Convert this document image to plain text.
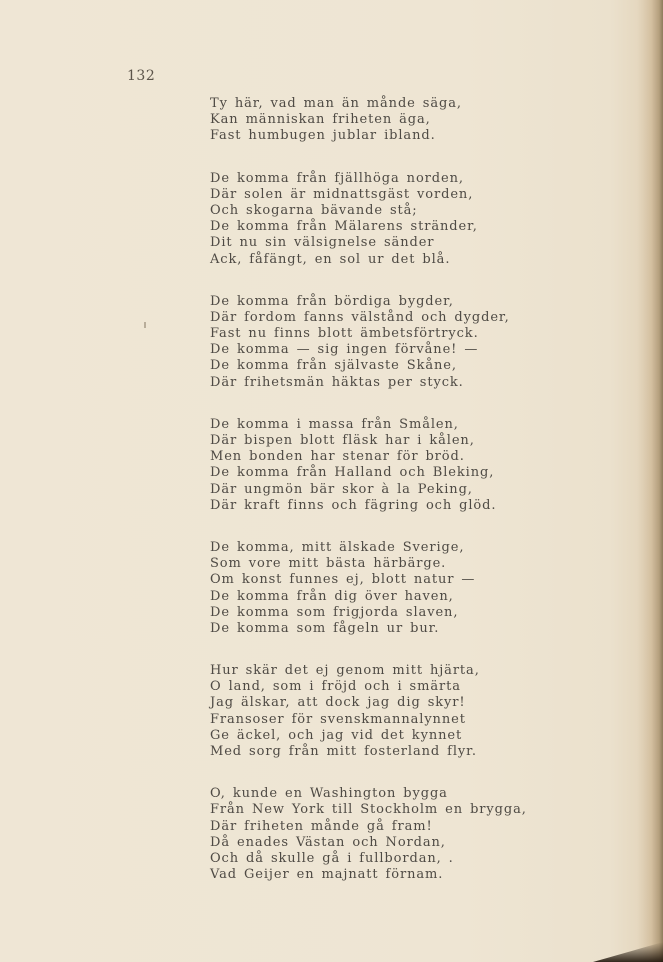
132
Ty här, vad man än månde säga,
Kan människan friheten äga,
Fast humbugen jublar ibland.
De komma från fjällhöga norden,
Där solen är midnattsgäst vorden,
Och skogarna bävande stå;
De komma från Mälarens stränder,
Dit nu sin välsignelse sänder
Ack, fåfängt, en sol ur det blå.
De komma från bördiga bygder,
Där fordom fanns välstånd och dygder,
Fast nu finns blott ämbetsförtryck.
De komma — sig ingen förvåne! —
De komma från självaste Skåne,
Där frihetsmän häktas per styck.
De komma i massa från Smålen,
Där bispen blott fläsk har i kålen,
Men bonden har stenar för bröd.
De komma från Halland och Bleking,
Där ungmön bär skor à la Peking,
Där kraft finns och fägring och glöd.
De komma, mitt älskade Sverige,
Som vore mitt bästa härbärge.
Om konst funnes ej, blott natur —
De komma från dig över haven,
De komma som frigjorda slaven,
De komma som fågeln ur bur.
Hur skär det ej genom mitt hjärta,
O land, som i fröjd och i smärta
Jag älskar, att dock jag dig skyr!
Fransoser för svenskmannalynnet
Ge äckel, och jag vid det kynnet
Med sorg från mitt fosterland flyr.
O, kunde en Washington bygga
Från New York till Stockholm en brygga,
Där friheten månde gå fram!
Då enades Västan och Nordan,
Och då skulle gå i fullbordan, .
Vad Geijer en majnatt förnam.
